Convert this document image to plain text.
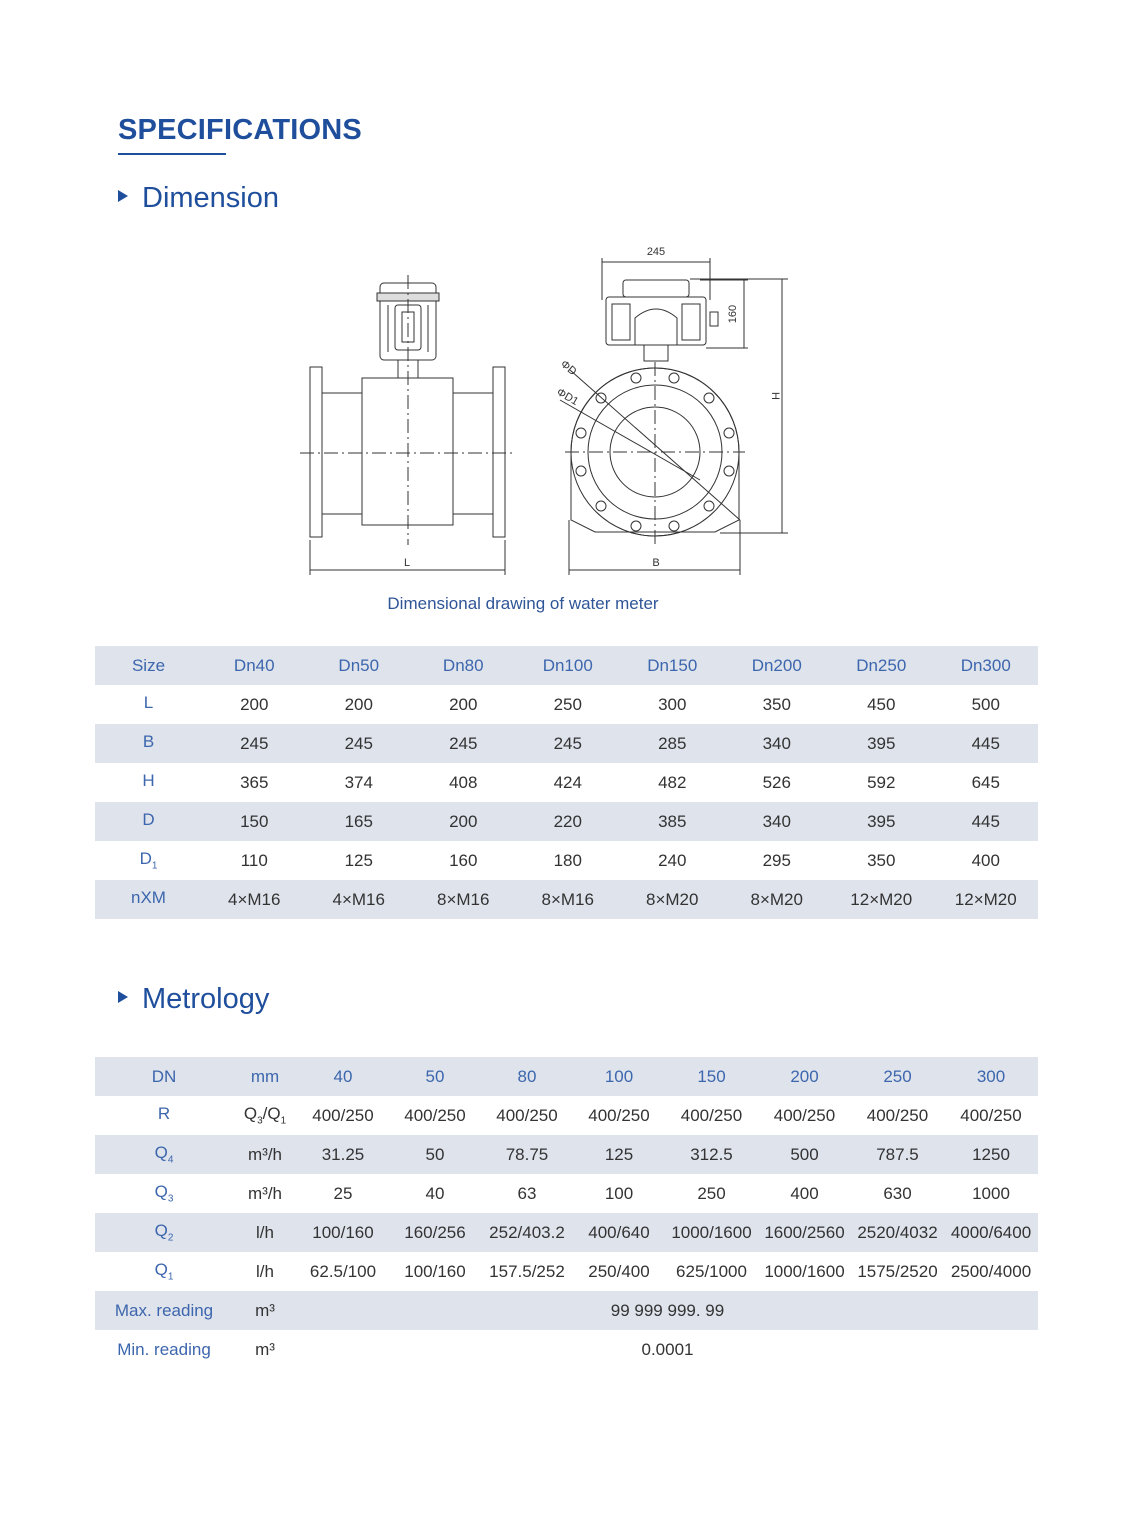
SPECIFICATIONS
Dimension
245
160
H
L	B
ΦD
ΦD1
Dimensional drawing of water meter
Size	Dn40	Dn50	Dn80	Dn100	Dn150	Dn200	Dn250	Dn300
L	200	200	200	250	300	350	450	500
B	245	245	245	245	285	340	395	445
H	365	374	408	424	482	526	592	645
D	150	165	200	220	385	340	395	445
$D_1$	110	125	160	180	240	295	350	400
nXM	4×M16	4×M16	8×M16	8×M16	8×M20	8×M20	12×M20	12×M20
Metrology
DN	mm	40	50	80	100	150	200	250	300
R	$Q_3/Q_1$	400/250	400/250	400/250	400/250	400/250	400/250	400/250	400/250
$Q_4$	m³/h	31.25	50	78.75	125	312.5	500	787.5	1250
$Q_3$	m³/h	25	40	63	100	250	400	630	1000
$Q_2$	l/h	100/160	160/256	252/403.2	400/640	1000/1600	1600/2560	2520/4032	4000/6400
$Q_1$	l/h	62.5/100	100/160	157.5/252	250/400	625/1000	1000/1600	1575/2520	2500/4000
Max. reading	m³	99 999 999. 99							
Min. reading	m³	0.0001							
